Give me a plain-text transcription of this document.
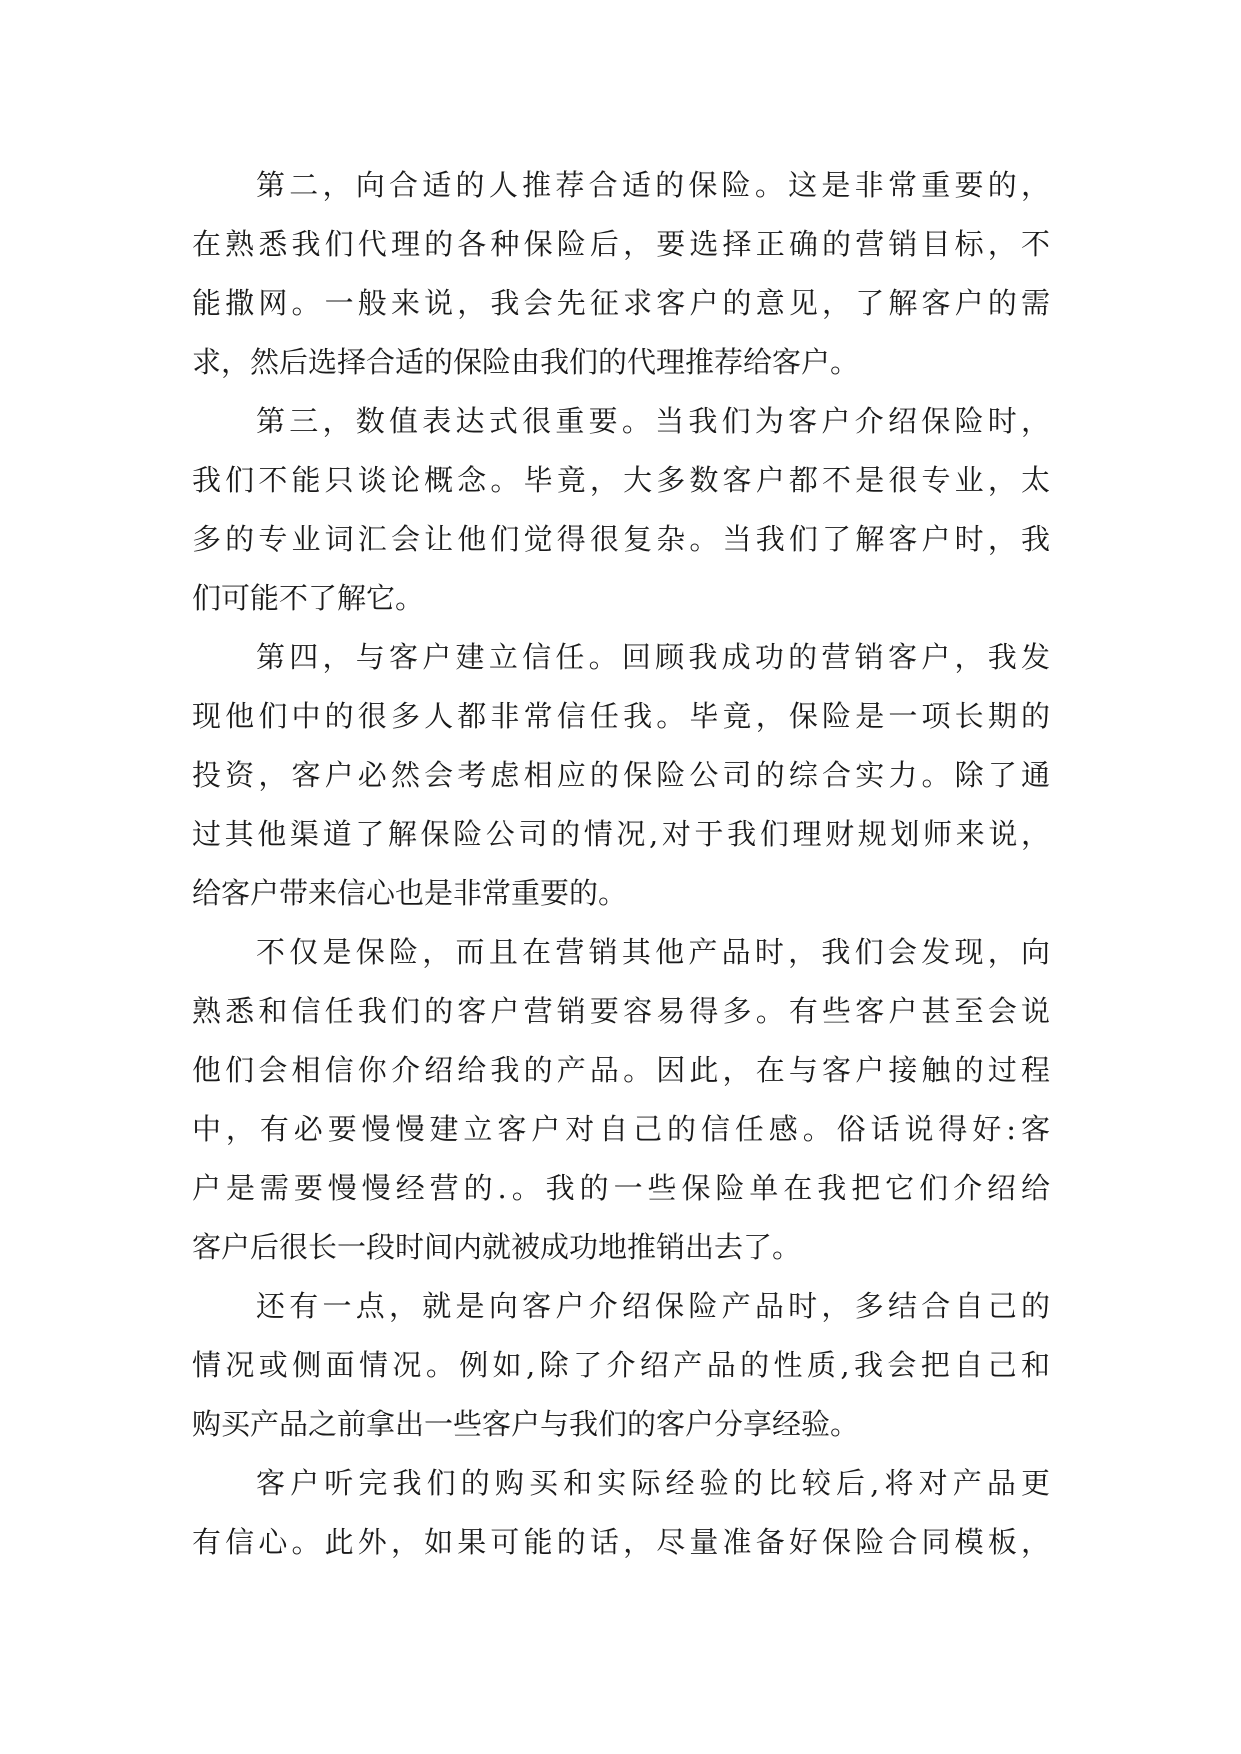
第二，向合适的人推荐合适的保险。这是非常重要的，
在熟悉我们代理的各种保险后，要选择正确的营销目标，不
能撒网。一般来说，我会先征求客户的意见，了解客户的需
求，然后选择合适的保险由我们的代理推荐给客户。
第三，数值表达式很重要。当我们为客户介绍保险时，
我们不能只谈论概念。毕竟，大多数客户都不是很专业，太
多的专业词汇会让他们觉得很复杂。当我们了解客户时，我
们可能不了解它。
第四，与客户建立信任。回顾我成功的营销客户，我发
现他们中的很多人都非常信任我。毕竟，保险是一项长期的
投资，客户必然会考虑相应的保险公司的综合实力。除了通
过其他渠道了解保险公司的情况,对于我们理财规划师来说，
给客户带来信心也是非常重要的。
不仅是保险，而且在营销其他产品时，我们会发现，向
熟悉和信任我们的客户营销要容易得多。有些客户甚至会说
他们会相信你介绍给我的产品。因此，在与客户接触的过程
中，有必要慢慢建立客户对自己的信任感。俗话说得好:客
户是需要慢慢经营的.。我的一些保险单在我把它们介绍给
客户后很长一段时间内就被成功地推销出去了。
还有一点，就是向客户介绍保险产品时，多结合自己的
情况或侧面情况。例如,除了介绍产品的性质,我会把自己和
购买产品之前拿出一些客户与我们的客户分享经验。
客户听完我们的购买和实际经验的比较后,将对产品更
有信心。此外，如果可能的话，尽量准备好保险合同模板，
